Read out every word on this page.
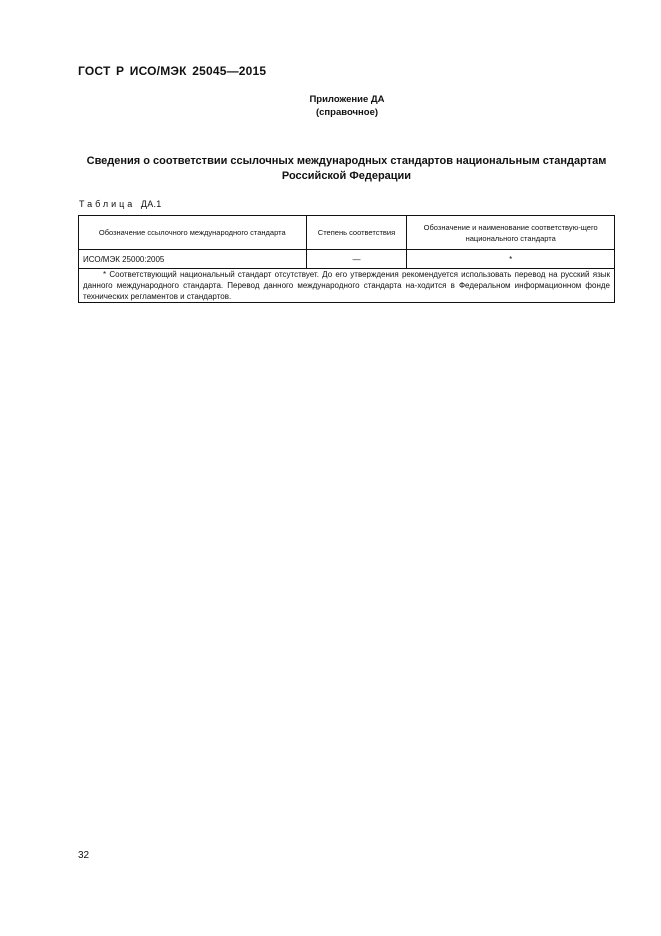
ГОСТ Р ИСО/МЭК 25045—2015
Приложение ДА
(справочное)
Сведения о соответствии ссылочных международных стандартов национальным стандартам
Российской Федерации
Таблица ДА.1
Обозначение ссылочного международного стандарта	Степень соответствия	Обозначение и наименование соответствую-щего национального стандарта
ИСО/МЭК 25000:2005	—	*
* Соответствующий национальный стандарт отсутствует. До его утверждения рекомендуется использовать перевод на русский язык данного международного стандарта. Перевод данного международного стандарта на-ходится в Федеральном информационном фонде технических регламентов и стандартов.		
32
